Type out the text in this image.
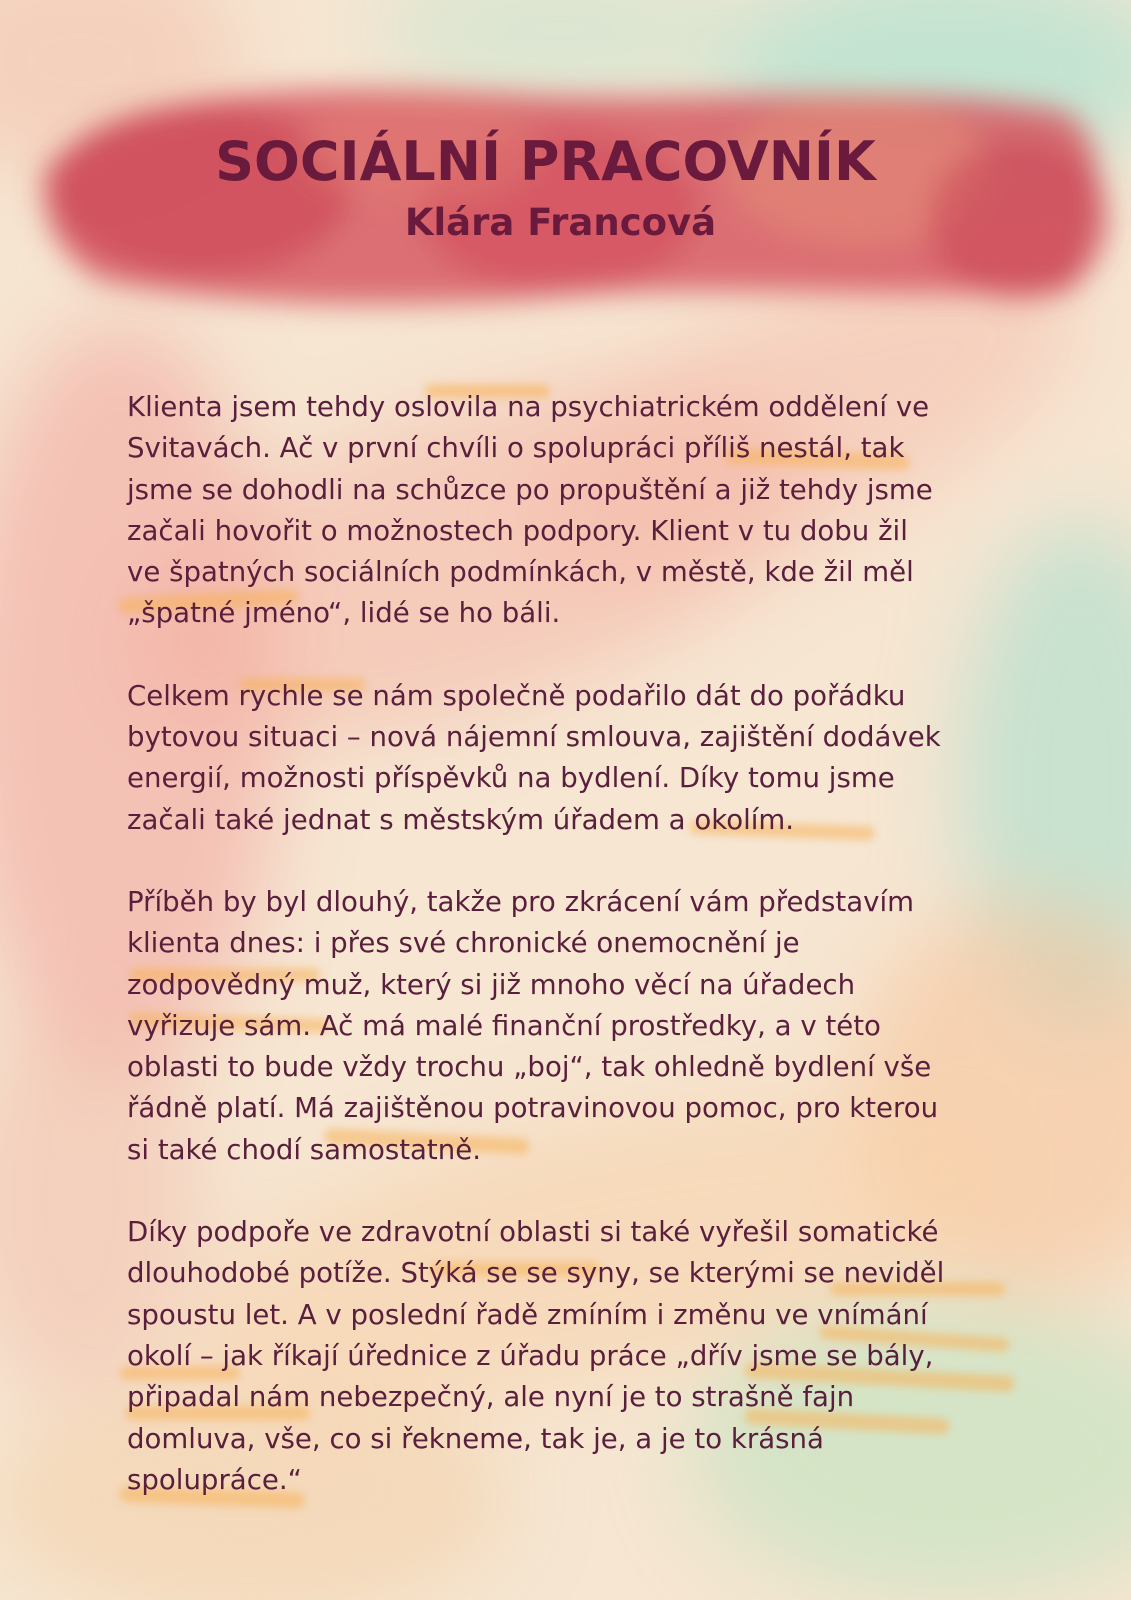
SOCIÁLNÍ PRACOVNÍK
Klára Francová
Klienta jsem tehdy oslovila na psychiatrickém oddělení ve
Svitavách. Ač v první chvíli o spolupráci příliš nestál, tak
jsme se dohodli na schůzce po propuštění a již tehdy jsme
začali hovořit o možnostech podpory. Klient v tu dobu žil
ve špatných sociálních podmínkách, v městě, kde žil měl
„špatné jméno“, lidé se ho báli.
Celkem rychle se nám společně podařilo dát do pořádku
bytovou situaci – nová nájemní smlouva, zajištění dodávek
energií, možnosti příspěvků na bydlení. Díky tomu jsme
začali také jednat s městským úřadem a okolím.
Příběh by byl dlouhý, takže pro zkrácení vám představím
klienta dnes: i přes své chronické onemocnění je
zodpovědný muž, který si již mnoho věcí na úřadech
vyřizuje sám. Ač má malé finanční prostředky, a v této
oblasti to bude vždy trochu „boj“, tak ohledně bydlení vše
řádně platí. Má zajištěnou potravinovou pomoc, pro kterou
si také chodí samostatně.
Díky podpoře ve zdravotní oblasti si také vyřešil somatické
dlouhodobé potíže. Stýká se se syny, se kterými se neviděl
spoustu let. A v poslední řadě zmíním i změnu ve vnímání
okolí – jak říkají úřednice z úřadu práce „dřív jsme se bály,
připadal nám nebezpečný, ale nyní je to strašně fajn
domluva, vše, co si řekneme, tak je, a je to krásná
spolupráce.“
